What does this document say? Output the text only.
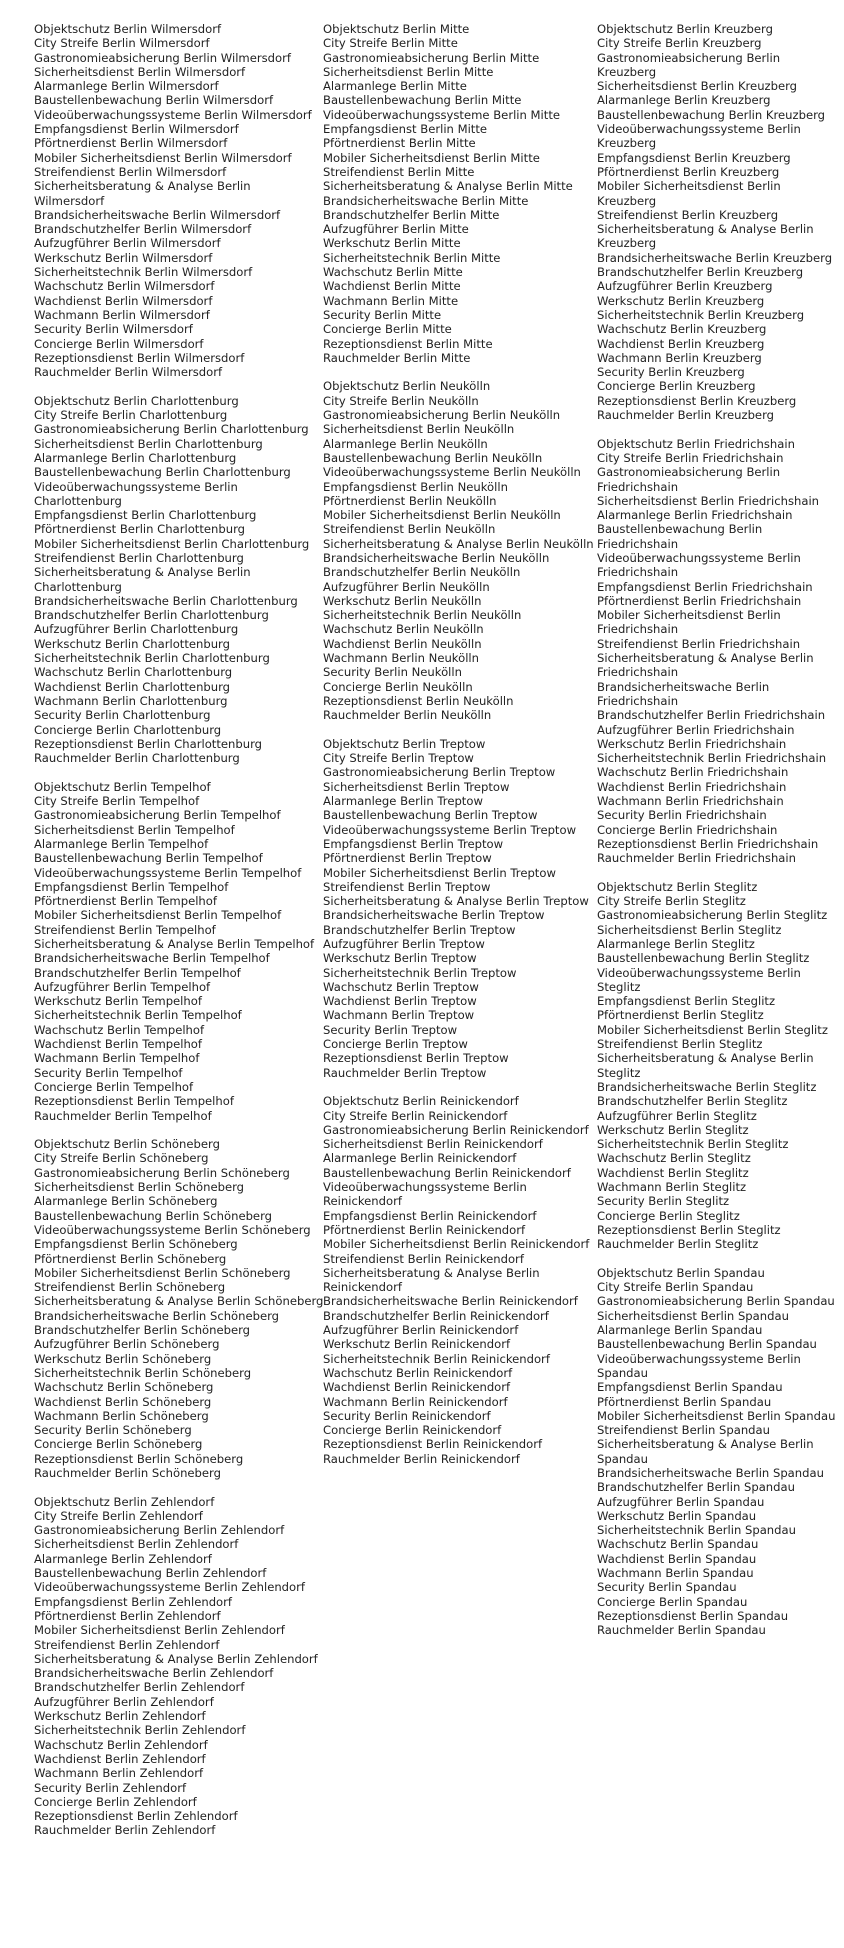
Objektschutz Berlin Wilmersdorf
City Streife Berlin Wilmersdorf
Gastronomieabsicherung Berlin Wilmersdorf
Sicherheitsdienst Berlin Wilmersdorf
Alarmanlege Berlin Wilmersdorf
Baustellenbewachung Berlin Wilmersdorf
Videoüberwachungssysteme Berlin Wilmersdorf
Empfangsdienst Berlin Wilmersdorf
Pförtnerdienst Berlin Wilmersdorf
Mobiler Sicherheitsdienst Berlin Wilmersdorf
Streifendienst Berlin Wilmersdorf
Sicherheitsberatung & Analyse Berlin Wilmersdorf
Brandsicherheitswache Berlin Wilmersdorf
Brandschutzhelfer Berlin Wilmersdorf
Aufzugführer Berlin Wilmersdorf
Werkschutz Berlin Wilmersdorf
Sicherheitstechnik Berlin Wilmersdorf
Wachschutz Berlin Wilmersdorf
Wachdienst Berlin Wilmersdorf
Wachmann Berlin Wilmersdorf
Security Berlin Wilmersdorf
Concierge Berlin Wilmersdorf
Rezeptionsdienst Berlin Wilmersdorf
Rauchmelder Berlin Wilmersdorf
Objektschutz Berlin Charlottenburg
City Streife Berlin Charlottenburg
Gastronomieabsicherung Berlin Charlottenburg
Sicherheitsdienst Berlin Charlottenburg
Alarmanlege Berlin Charlottenburg
Baustellenbewachung Berlin Charlottenburg
Videoüberwachungssysteme Berlin Charlottenburg
Empfangsdienst Berlin Charlottenburg
Pförtnerdienst Berlin Charlottenburg
Mobiler Sicherheitsdienst Berlin Charlottenburg
Streifendienst Berlin Charlottenburg
Sicherheitsberatung & Analyse Berlin Charlottenburg
Brandsicherheitswache Berlin Charlottenburg
Brandschutzhelfer Berlin Charlottenburg
Aufzugführer Berlin Charlottenburg
Werkschutz Berlin Charlottenburg
Sicherheitstechnik Berlin Charlottenburg
Wachschutz Berlin Charlottenburg
Wachdienst Berlin Charlottenburg
Wachmann Berlin Charlottenburg
Security Berlin Charlottenburg
Concierge Berlin Charlottenburg
Rezeptionsdienst Berlin Charlottenburg
Rauchmelder Berlin Charlottenburg
Objektschutz Berlin Tempelhof
City Streife Berlin Tempelhof
Gastronomieabsicherung Berlin Tempelhof
Sicherheitsdienst Berlin Tempelhof
Alarmanlege Berlin Tempelhof
Baustellenbewachung Berlin Tempelhof
Videoüberwachungssysteme Berlin Tempelhof
Empfangsdienst Berlin Tempelhof
Pförtnerdienst Berlin Tempelhof
Mobiler Sicherheitsdienst Berlin Tempelhof
Streifendienst Berlin Tempelhof
Sicherheitsberatung & Analyse Berlin Tempelhof
Brandsicherheitswache Berlin Tempelhof
Brandschutzhelfer Berlin Tempelhof
Aufzugführer Berlin Tempelhof
Werkschutz Berlin Tempelhof
Sicherheitstechnik Berlin Tempelhof
Wachschutz Berlin Tempelhof
Wachdienst Berlin Tempelhof
Wachmann Berlin Tempelhof
Security Berlin Tempelhof
Concierge Berlin Tempelhof
Rezeptionsdienst Berlin Tempelhof
Rauchmelder Berlin Tempelhof
Objektschutz Berlin Schöneberg
City Streife Berlin Schöneberg
Gastronomieabsicherung Berlin Schöneberg
Sicherheitsdienst Berlin Schöneberg
Alarmanlege Berlin Schöneberg
Baustellenbewachung Berlin Schöneberg
Videoüberwachungssysteme Berlin Schöneberg
Empfangsdienst Berlin Schöneberg
Pförtnerdienst Berlin Schöneberg
Mobiler Sicherheitsdienst Berlin Schöneberg
Streifendienst Berlin Schöneberg
Sicherheitsberatung & Analyse Berlin Schöneberg
Brandsicherheitswache Berlin Schöneberg
Brandschutzhelfer Berlin Schöneberg
Aufzugführer Berlin Schöneberg
Werkschutz Berlin Schöneberg
Sicherheitstechnik Berlin Schöneberg
Wachschutz Berlin Schöneberg
Wachdienst Berlin Schöneberg
Wachmann Berlin Schöneberg
Security Berlin Schöneberg
Concierge Berlin Schöneberg
Rezeptionsdienst Berlin Schöneberg
Rauchmelder Berlin Schöneberg
Objektschutz Berlin Zehlendorf
City Streife Berlin Zehlendorf
Gastronomieabsicherung Berlin Zehlendorf
Sicherheitsdienst Berlin Zehlendorf
Alarmanlege Berlin Zehlendorf
Baustellenbewachung Berlin Zehlendorf
Videoüberwachungssysteme Berlin Zehlendorf
Empfangsdienst Berlin Zehlendorf
Pförtnerdienst Berlin Zehlendorf
Mobiler Sicherheitsdienst Berlin Zehlendorf
Streifendienst Berlin Zehlendorf
Sicherheitsberatung & Analyse Berlin Zehlendorf
Brandsicherheitswache Berlin Zehlendorf
Brandschutzhelfer Berlin Zehlendorf
Aufzugführer Berlin Zehlendorf
Werkschutz Berlin Zehlendorf
Sicherheitstechnik Berlin Zehlendorf
Wachschutz Berlin Zehlendorf
Wachdienst Berlin Zehlendorf
Wachmann Berlin Zehlendorf
Security Berlin Zehlendorf
Concierge Berlin Zehlendorf
Rezeptionsdienst Berlin Zehlendorf
Rauchmelder Berlin Zehlendorf
Objektschutz Berlin Mitte
City Streife Berlin Mitte
Gastronomieabsicherung Berlin Mitte
Sicherheitsdienst Berlin Mitte
Alarmanlege Berlin Mitte
Baustellenbewachung Berlin Mitte
Videoüberwachungssysteme Berlin Mitte
Empfangsdienst Berlin Mitte
Pförtnerdienst Berlin Mitte
Mobiler Sicherheitsdienst Berlin Mitte
Streifendienst Berlin Mitte
Sicherheitsberatung & Analyse Berlin Mitte
Brandsicherheitswache Berlin Mitte
Brandschutzhelfer Berlin Mitte
Aufzugführer Berlin Mitte
Werkschutz Berlin Mitte
Sicherheitstechnik Berlin Mitte
Wachschutz Berlin Mitte
Wachdienst Berlin Mitte
Wachmann Berlin Mitte
Security Berlin Mitte
Concierge Berlin Mitte
Rezeptionsdienst Berlin Mitte
Rauchmelder Berlin Mitte
Objektschutz Berlin Neukölln
City Streife Berlin Neukölln
Gastronomieabsicherung Berlin Neukölln
Sicherheitsdienst Berlin Neukölln
Alarmanlege Berlin Neukölln
Baustellenbewachung Berlin Neukölln
Videoüberwachungssysteme Berlin Neukölln
Empfangsdienst Berlin Neukölln
Pförtnerdienst Berlin Neukölln
Mobiler Sicherheitsdienst Berlin Neukölln
Streifendienst Berlin Neukölln
Sicherheitsberatung & Analyse Berlin Neukölln
Brandsicherheitswache Berlin Neukölln
Brandschutzhelfer Berlin Neukölln
Aufzugführer Berlin Neukölln
Werkschutz Berlin Neukölln
Sicherheitstechnik Berlin Neukölln
Wachschutz Berlin Neukölln
Wachdienst Berlin Neukölln
Wachmann Berlin Neukölln
Security Berlin Neukölln
Concierge Berlin Neukölln
Rezeptionsdienst Berlin Neukölln
Rauchmelder Berlin Neukölln
Objektschutz Berlin Treptow
City Streife Berlin Treptow
Gastronomieabsicherung Berlin Treptow
Sicherheitsdienst Berlin Treptow
Alarmanlege Berlin Treptow
Baustellenbewachung Berlin Treptow
Videoüberwachungssysteme Berlin Treptow
Empfangsdienst Berlin Treptow
Pförtnerdienst Berlin Treptow
Mobiler Sicherheitsdienst Berlin Treptow
Streifendienst Berlin Treptow
Sicherheitsberatung & Analyse Berlin Treptow
Brandsicherheitswache Berlin Treptow
Brandschutzhelfer Berlin Treptow
Aufzugführer Berlin Treptow
Werkschutz Berlin Treptow
Sicherheitstechnik Berlin Treptow
Wachschutz Berlin Treptow
Wachdienst Berlin Treptow
Wachmann Berlin Treptow
Security Berlin Treptow
Concierge Berlin Treptow
Rezeptionsdienst Berlin Treptow
Rauchmelder Berlin Treptow
Objektschutz Berlin Reinickendorf
City Streife Berlin Reinickendorf
Gastronomieabsicherung Berlin Reinickendorf
Sicherheitsdienst Berlin Reinickendorf
Alarmanlege Berlin Reinickendorf
Baustellenbewachung Berlin Reinickendorf
Videoüberwachungssysteme Berlin Reinickendorf
Empfangsdienst Berlin Reinickendorf
Pförtnerdienst Berlin Reinickendorf
Mobiler Sicherheitsdienst Berlin Reinickendorf
Streifendienst Berlin Reinickendorf
Sicherheitsberatung & Analyse Berlin Reinickendorf
Brandsicherheitswache Berlin Reinickendorf
Brandschutzhelfer Berlin Reinickendorf
Aufzugführer Berlin Reinickendorf
Werkschutz Berlin Reinickendorf
Sicherheitstechnik Berlin Reinickendorf
Wachschutz Berlin Reinickendorf
Wachdienst Berlin Reinickendorf
Wachmann Berlin Reinickendorf
Security Berlin Reinickendorf
Concierge Berlin Reinickendorf
Rezeptionsdienst Berlin Reinickendorf
Rauchmelder Berlin Reinickendorf
Objektschutz Berlin Kreuzberg
City Streife Berlin Kreuzberg
Gastronomieabsicherung Berlin Kreuzberg
Sicherheitsdienst Berlin Kreuzberg
Alarmanlege Berlin Kreuzberg
Baustellenbewachung Berlin Kreuzberg
Videoüberwachungssysteme Berlin Kreuzberg
Empfangsdienst Berlin Kreuzberg
Pförtnerdienst Berlin Kreuzberg
Mobiler Sicherheitsdienst Berlin Kreuzberg
Streifendienst Berlin Kreuzberg
Sicherheitsberatung & Analyse Berlin Kreuzberg
Brandsicherheitswache Berlin Kreuzberg
Brandschutzhelfer Berlin Kreuzberg
Aufzugführer Berlin Kreuzberg
Werkschutz Berlin Kreuzberg
Sicherheitstechnik Berlin Kreuzberg
Wachschutz Berlin Kreuzberg
Wachdienst Berlin Kreuzberg
Wachmann Berlin Kreuzberg
Security Berlin Kreuzberg
Concierge Berlin Kreuzberg
Rezeptionsdienst Berlin Kreuzberg
Rauchmelder Berlin Kreuzberg
Objektschutz Berlin Friedrichshain
City Streife Berlin Friedrichshain
Gastronomieabsicherung Berlin Friedrichshain
Sicherheitsdienst Berlin Friedrichshain
Alarmanlege Berlin Friedrichshain
Baustellenbewachung Berlin Friedrichshain
Videoüberwachungssysteme Berlin Friedrichshain
Empfangsdienst Berlin Friedrichshain
Pförtnerdienst Berlin Friedrichshain
Mobiler Sicherheitsdienst Berlin Friedrichshain
Streifendienst Berlin Friedrichshain
Sicherheitsberatung & Analyse Berlin Friedrichshain
Brandsicherheitswache Berlin Friedrichshain
Brandschutzhelfer Berlin Friedrichshain
Aufzugführer Berlin Friedrichshain
Werkschutz Berlin Friedrichshain
Sicherheitstechnik Berlin Friedrichshain
Wachschutz Berlin Friedrichshain
Wachdienst Berlin Friedrichshain
Wachmann Berlin Friedrichshain
Security Berlin Friedrichshain
Concierge Berlin Friedrichshain
Rezeptionsdienst Berlin Friedrichshain
Rauchmelder Berlin Friedrichshain
Objektschutz Berlin Steglitz
City Streife Berlin Steglitz
Gastronomieabsicherung Berlin Steglitz
Sicherheitsdienst Berlin Steglitz
Alarmanlege Berlin Steglitz
Baustellenbewachung Berlin Steglitz
Videoüberwachungssysteme Berlin Steglitz
Empfangsdienst Berlin Steglitz
Pförtnerdienst Berlin Steglitz
Mobiler Sicherheitsdienst Berlin Steglitz
Streifendienst Berlin Steglitz
Sicherheitsberatung & Analyse Berlin Steglitz
Brandsicherheitswache Berlin Steglitz
Brandschutzhelfer Berlin Steglitz
Aufzugführer Berlin Steglitz
Werkschutz Berlin Steglitz
Sicherheitstechnik Berlin Steglitz
Wachschutz Berlin Steglitz
Wachdienst Berlin Steglitz
Wachmann Berlin Steglitz
Security Berlin Steglitz
Concierge Berlin Steglitz
Rezeptionsdienst Berlin Steglitz
Rauchmelder Berlin Steglitz
Objektschutz Berlin Spandau
City Streife Berlin Spandau
Gastronomieabsicherung Berlin Spandau
Sicherheitsdienst Berlin Spandau
Alarmanlege Berlin Spandau
Baustellenbewachung Berlin Spandau
Videoüberwachungssysteme Berlin Spandau
Empfangsdienst Berlin Spandau
Pförtnerdienst Berlin Spandau
Mobiler Sicherheitsdienst Berlin Spandau
Streifendienst Berlin Spandau
Sicherheitsberatung & Analyse Berlin Spandau
Brandsicherheitswache Berlin Spandau
Brandschutzhelfer Berlin Spandau
Aufzugführer Berlin Spandau
Werkschutz Berlin Spandau
Sicherheitstechnik Berlin Spandau
Wachschutz Berlin Spandau
Wachdienst Berlin Spandau
Wachmann Berlin Spandau
Security Berlin Spandau
Concierge Berlin Spandau
Rezeptionsdienst Berlin Spandau
Rauchmelder Berlin Spandau
